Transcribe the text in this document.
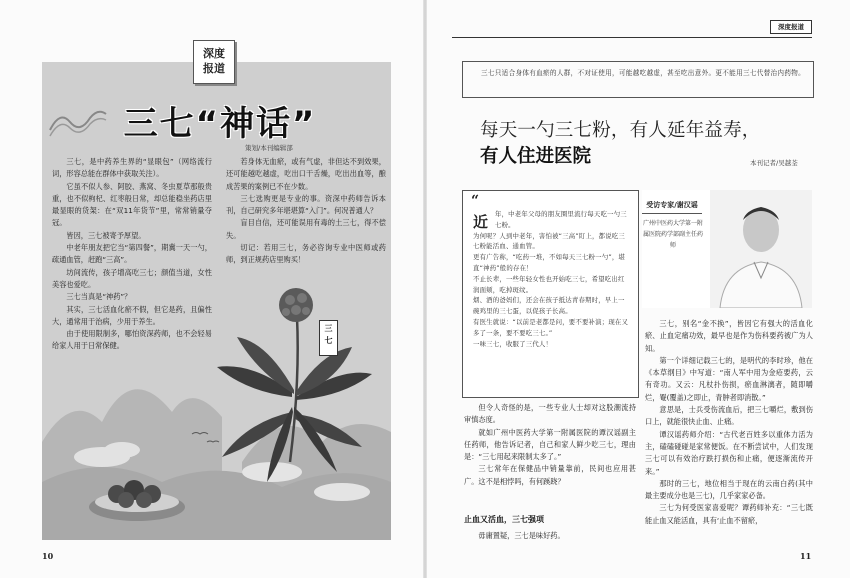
深度报道
三七“神话”
策划/本刊编辑部

三七，是中药养生界的“显眼包”（网络流行词，形容总能在群体中获取关注）。

它虽不似人参、阿胶、燕窝、冬虫夏草那般贵重，也不似枸杞、红枣般日常，却总能稳坐药店里最显眼的货架：在“双11年货节”里，常常销量夺冠。

皆因，三七被寄予厚望。

中老年朋友把它当“第四餐”，期冀一天一勺，疏通血管，赶跑“三高”。

坊间流传，孩子增高吃三七；颜值当道，女性美容也爱吃。

三七当真是“神药”？

其实，三七活血化瘀不假，但它是药，且偏性大，通常用于治病，少用于养生。

由于使用限制多，哪怕资深药师，也不会轻易给家人用于日常保健。

若身体无血瘀，或有气虚，非但达不到效果，还可能越吃越虚，吃出口干舌燥，吃出出血等，酿成苦果的案例已不在少数。

三七选购更是专业的事。资深中药师告诉本刊，自己研究多年堪堪算“入门”。何况普通人？

盲目自信，还可能误用有毒的土三七，得不偿失。

切记：若用三七，务必咨询专业中医师或药师，到正规药店里购买！

三七
10
深度报道
三七只适合身体有血瘀的人群，不对证使用，可能越吃越虚，甚至吃出意外。更不能用三七代替治内药物。
每天一勺三七粉，有人延年益寿，
有人住进医院	本刊记者/吴越荃
“
近	年，中老年父母的朋友圈里流行每天吃一勺三七粉。

为何呢？人到中老年，害怕被“三高”盯上，都说吃三七粉能活血、通血管。

更有广告称，“吃药一堆，不如每天三七粉一勺”，堪直“神药”般的存在！

不止长辈，一些年轻女性也开始吃三七，希望吃出红润面颊，吃掉斑纹。

烟、酒的爸妈们，还会在孩子抵达青春期时，早上一碗鸡里的三七蛋，以促孩子长高。

有医生就说：“以前是老都是问，要不要补演；现在又多了一条，要不要吃三七。”

一味三七，收服了三代人！

受访专家/谢汉谣
广州中医药大学第一附属医院药学部副主任药师

但令人奇怪的是，一些专业人士却对这股潮流持审慎态度。

就如广州中医药大学第一附属医院的谭汉谣副主任药师，他告诉记者，自己和家人鲜少吃三七，理由是：“三七用起来限制太多了。”

三七常年在保健品中销量靠前，民间也应用甚广。这不是相悖吗，有何蹊跷？

止血又活血，三七强项

毋庸置疑，三七是味好药。

三七，别名“金不换”，皆因它有强大的活血化瘀、止血定痛功效，最早也是作为伤科要药被广为人知。

第一个详细记载三七的，是明代的李时珍，他在《本草纲目》中写道：“南人军中用为金疮要药，云有奇功。又云：凡杖扑伤损，瘀血淋漓者，随即嚼烂，罨(覆盖)之即止，青肿者即消散。”

意思是，士兵受伤流血后，把三七嚼烂，敷到伤口上，就能很快止血、止痛。

谭汉谣药师介绍：“古代老百姓多以重体力活为主，磕磕碰碰是家常便饭。在不断尝试中，人们发现三七可以有效治疗跌打损伤和止痛，便逐渐流传开来。”

那时的三七，地位相当于现在的云南白药(其中最主要成分也是三七)，几乎家家必备。

三七为何受医家喜爱呢？谭药师补充：“三七既能止血又能活血，具有‘止血不留瘀，

11
